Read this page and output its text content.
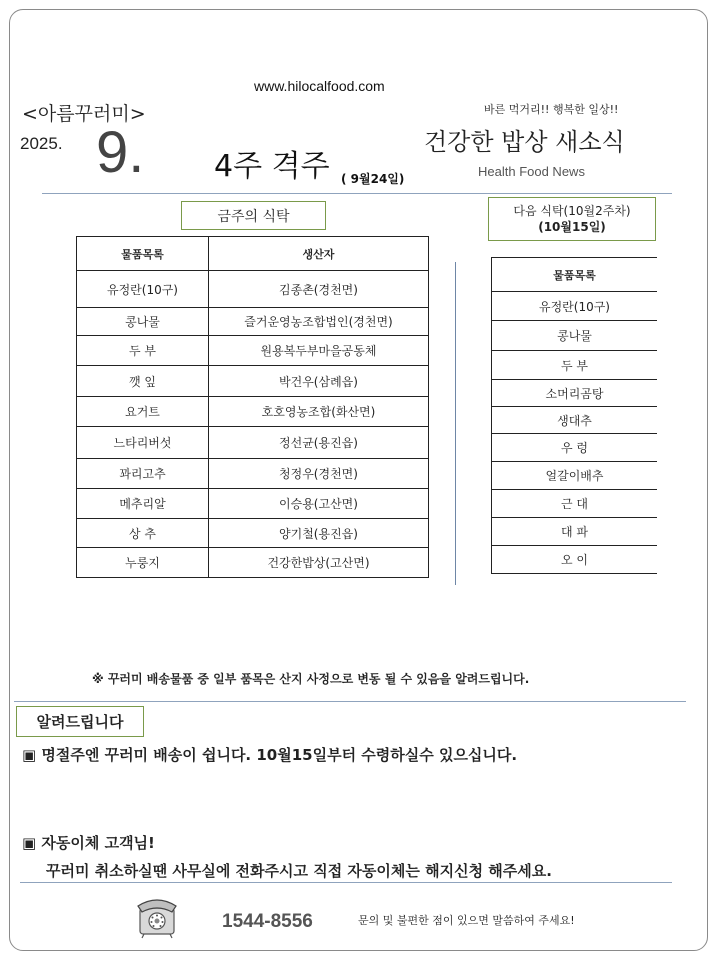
www.hilocalfood.com
<아름꾸러미>	바른 먹거리!! 행복한 일상!!
2025. 9. 4주 격주 ( 9월24일)
건강한 밥상 새소식
Health Food News
금주의 식탁	다음 식탁(10월2주차)
(10월15일)
물품목록	생산자
유정란(10구)	김종촌(경천면)
콩나물	즐거운영농조합법인(경천면)
두 부	원용복두부마을공동체
깻 잎	박건우(삼례읍)
요거트	호호영농조합(화산면)
느타리버섯	정선균(용진읍)
꽈리고추	청정우(경천면)
메추리알	이승용(고산면)
상 추	양기철(용진읍)
누룽지	건강한밥상(고산면)
물품목록
유정란(10구)
콩나물
두 부
소머리곰탕
생대추
우 렁
얼갈이배추
근 대
대 파
오 이
※ 꾸러미 배송물품 중 일부 품목은 산지 사정으로 변동 될 수 있음을 알려드립니다.
알려드립니다
▣ 명절주엔 꾸러미 배송이 쉽니다. 10월15일부터 수령하실수 있으십니다.
▣ 자동이체 고객님!
꾸러미 취소하실땐 사무실에 전화주시고 직접 자동이체는 해지신청 해주세요.
1544-8556	문의 및 불편한 점이 있으면 말씀하여 주세요!
